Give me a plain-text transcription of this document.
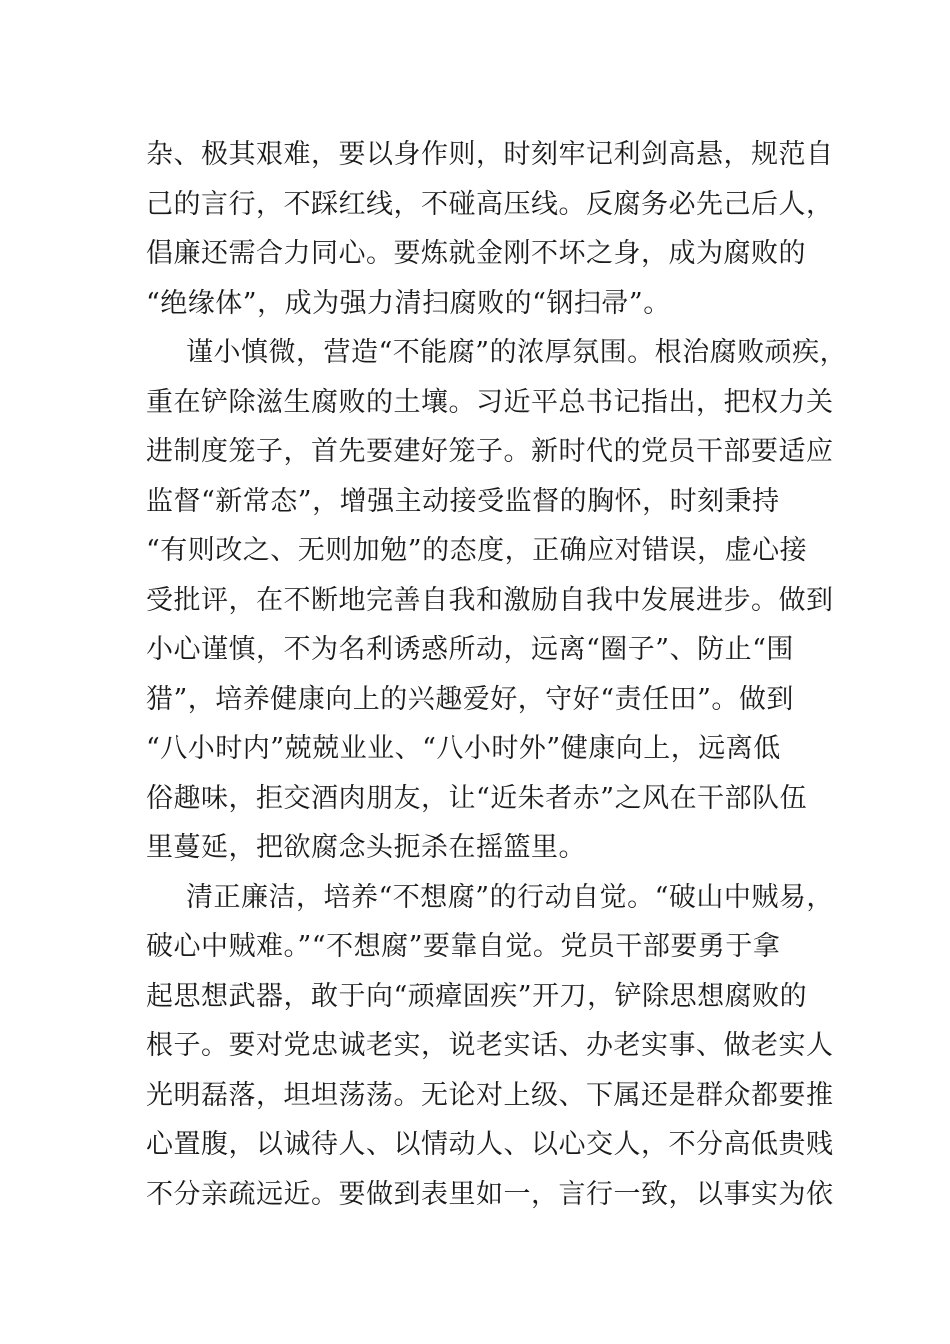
杂、极其艰难，要以身作则，时刻牢记利剑高悬，规范自
己的言行，不踩红线，不碰高压线。反腐务必先己后人，
倡廉还需合力同心。要炼就金刚不坏之身，成为腐败的
“绝缘体”，成为强力清扫腐败的“钢扫帚”。
谨小慎微，营造“不能腐”的浓厚氛围。根治腐败顽疾，
重在铲除滋生腐败的土壤。习近平总书记指出，把权力关
进制度笼子，首先要建好笼子。新时代的党员干部要适应
监督“新常态”，增强主动接受监督的胸怀，时刻秉持
“有则改之、无则加勉”的态度，正确应对错误，虚心接
受批评，在不断地完善自我和激励自我中发展进步。做到
小心谨慎，不为名利诱惑所动，远离“圈子”、防止“围
猎”，培养健康向上的兴趣爱好，守好“责任田”。做到
“八小时内”兢兢业业、“八小时外”健康向上，远离低
俗趣味，拒交酒肉朋友，让“近朱者赤”之风在干部队伍
里蔓延，把欲腐念头扼杀在摇篮里。
清正廉洁，培养“不想腐”的行动自觉。“破山中贼易，
破心中贼难。”“不想腐”要靠自觉。党员干部要勇于拿
起思想武器，敢于向“顽瘴固疾”开刀，铲除思想腐败的
根子。要对党忠诚老实，说老实话、办老实事、做老实人
光明磊落，坦坦荡荡。无论对上级、下属还是群众都要推
心置腹，以诚待人、以情动人、以心交人，不分高低贵贱
不分亲疏远近。要做到表里如一，言行一致，以事实为依
